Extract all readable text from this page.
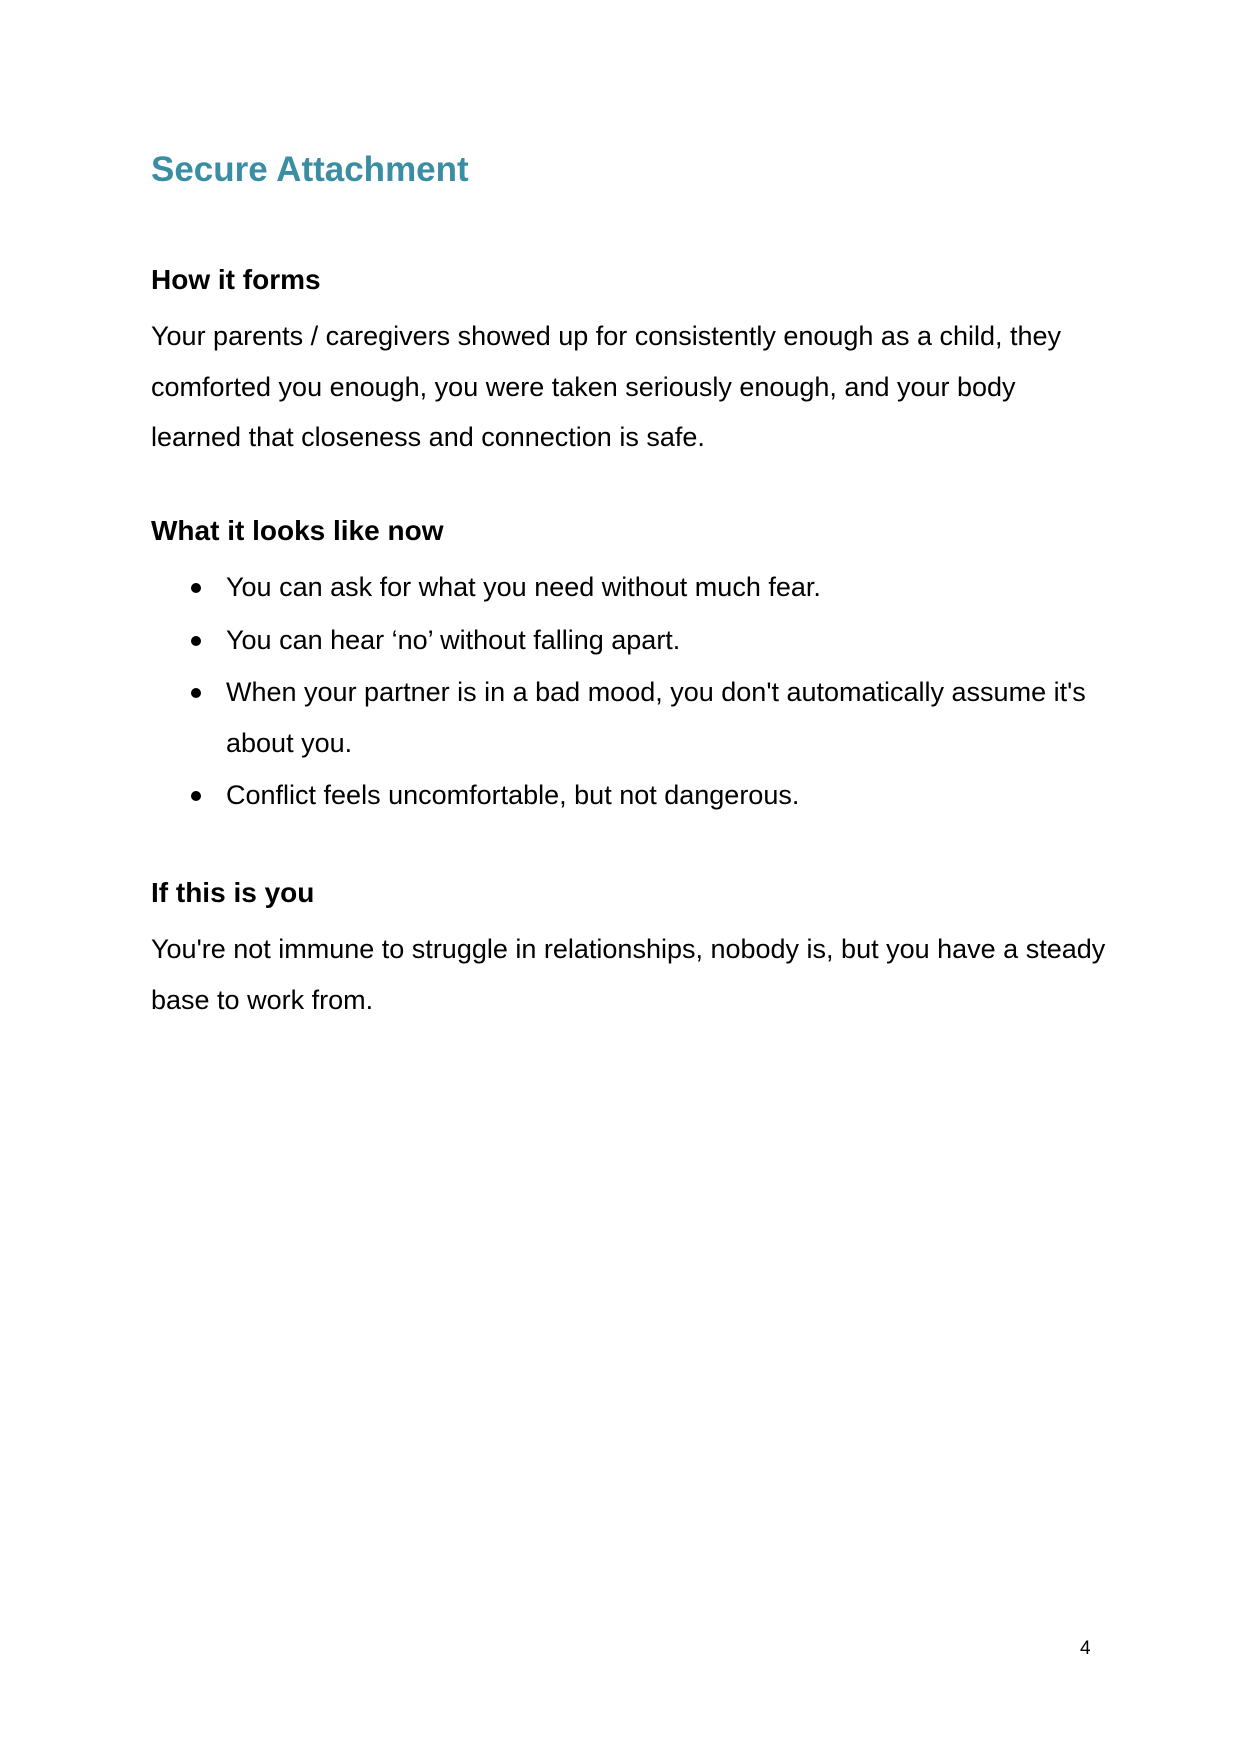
Secure Attachment
How it forms

Your parents / caregivers showed up for consistently enough as a child, they comforted you enough, you were taken seriously enough, and your body learned that closeness and connection is safe.

What it looks like now
You can ask for what you need without much fear.
You can hear ‘no’ without falling apart.
When your partner is in a bad mood, you don't automatically assume it's about you.
Conflict feels uncomfortable, but not dangerous.
If this is you

You're not immune to struggle in relationships, nobody is, but you have a steady base to work from.

4
